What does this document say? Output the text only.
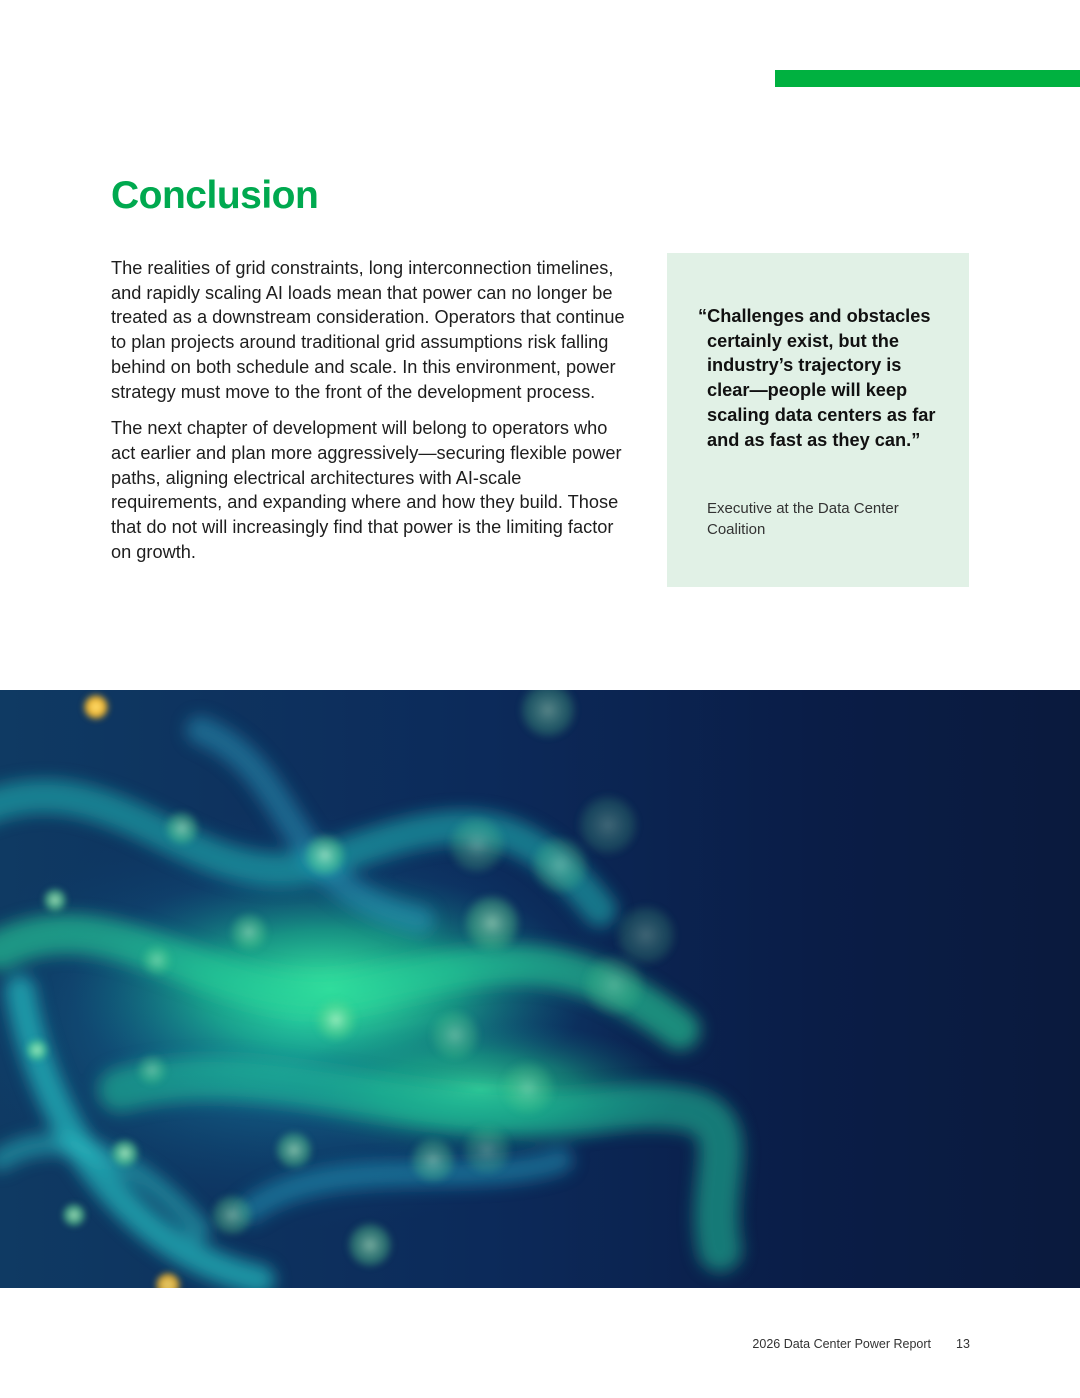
Conclusion

The realities of grid constraints, long interconnection timelines, and rapidly scaling AI loads mean that power can no longer be treated as a downstream consideration. Operators that continue to plan projects around traditional grid assumptions risk falling behind on both schedule and scale. In this environment, power strategy must move to the front of the development process.

The next chapter of development will belong to operators who act earlier and plan more aggressively—securing flexible power paths, aligning electrical architectures with AI-scale requirements, and expanding where and how they build. Those that do not will increasingly find that power is the limiting factor on growth.

“Challenges and obstacles certainly exist, but the industry’s trajectory is clear—people will keep scaling data centers as far and as fast as they can.”

Executive at the Data Center Coalition

2026 Data Center Power Report 13
